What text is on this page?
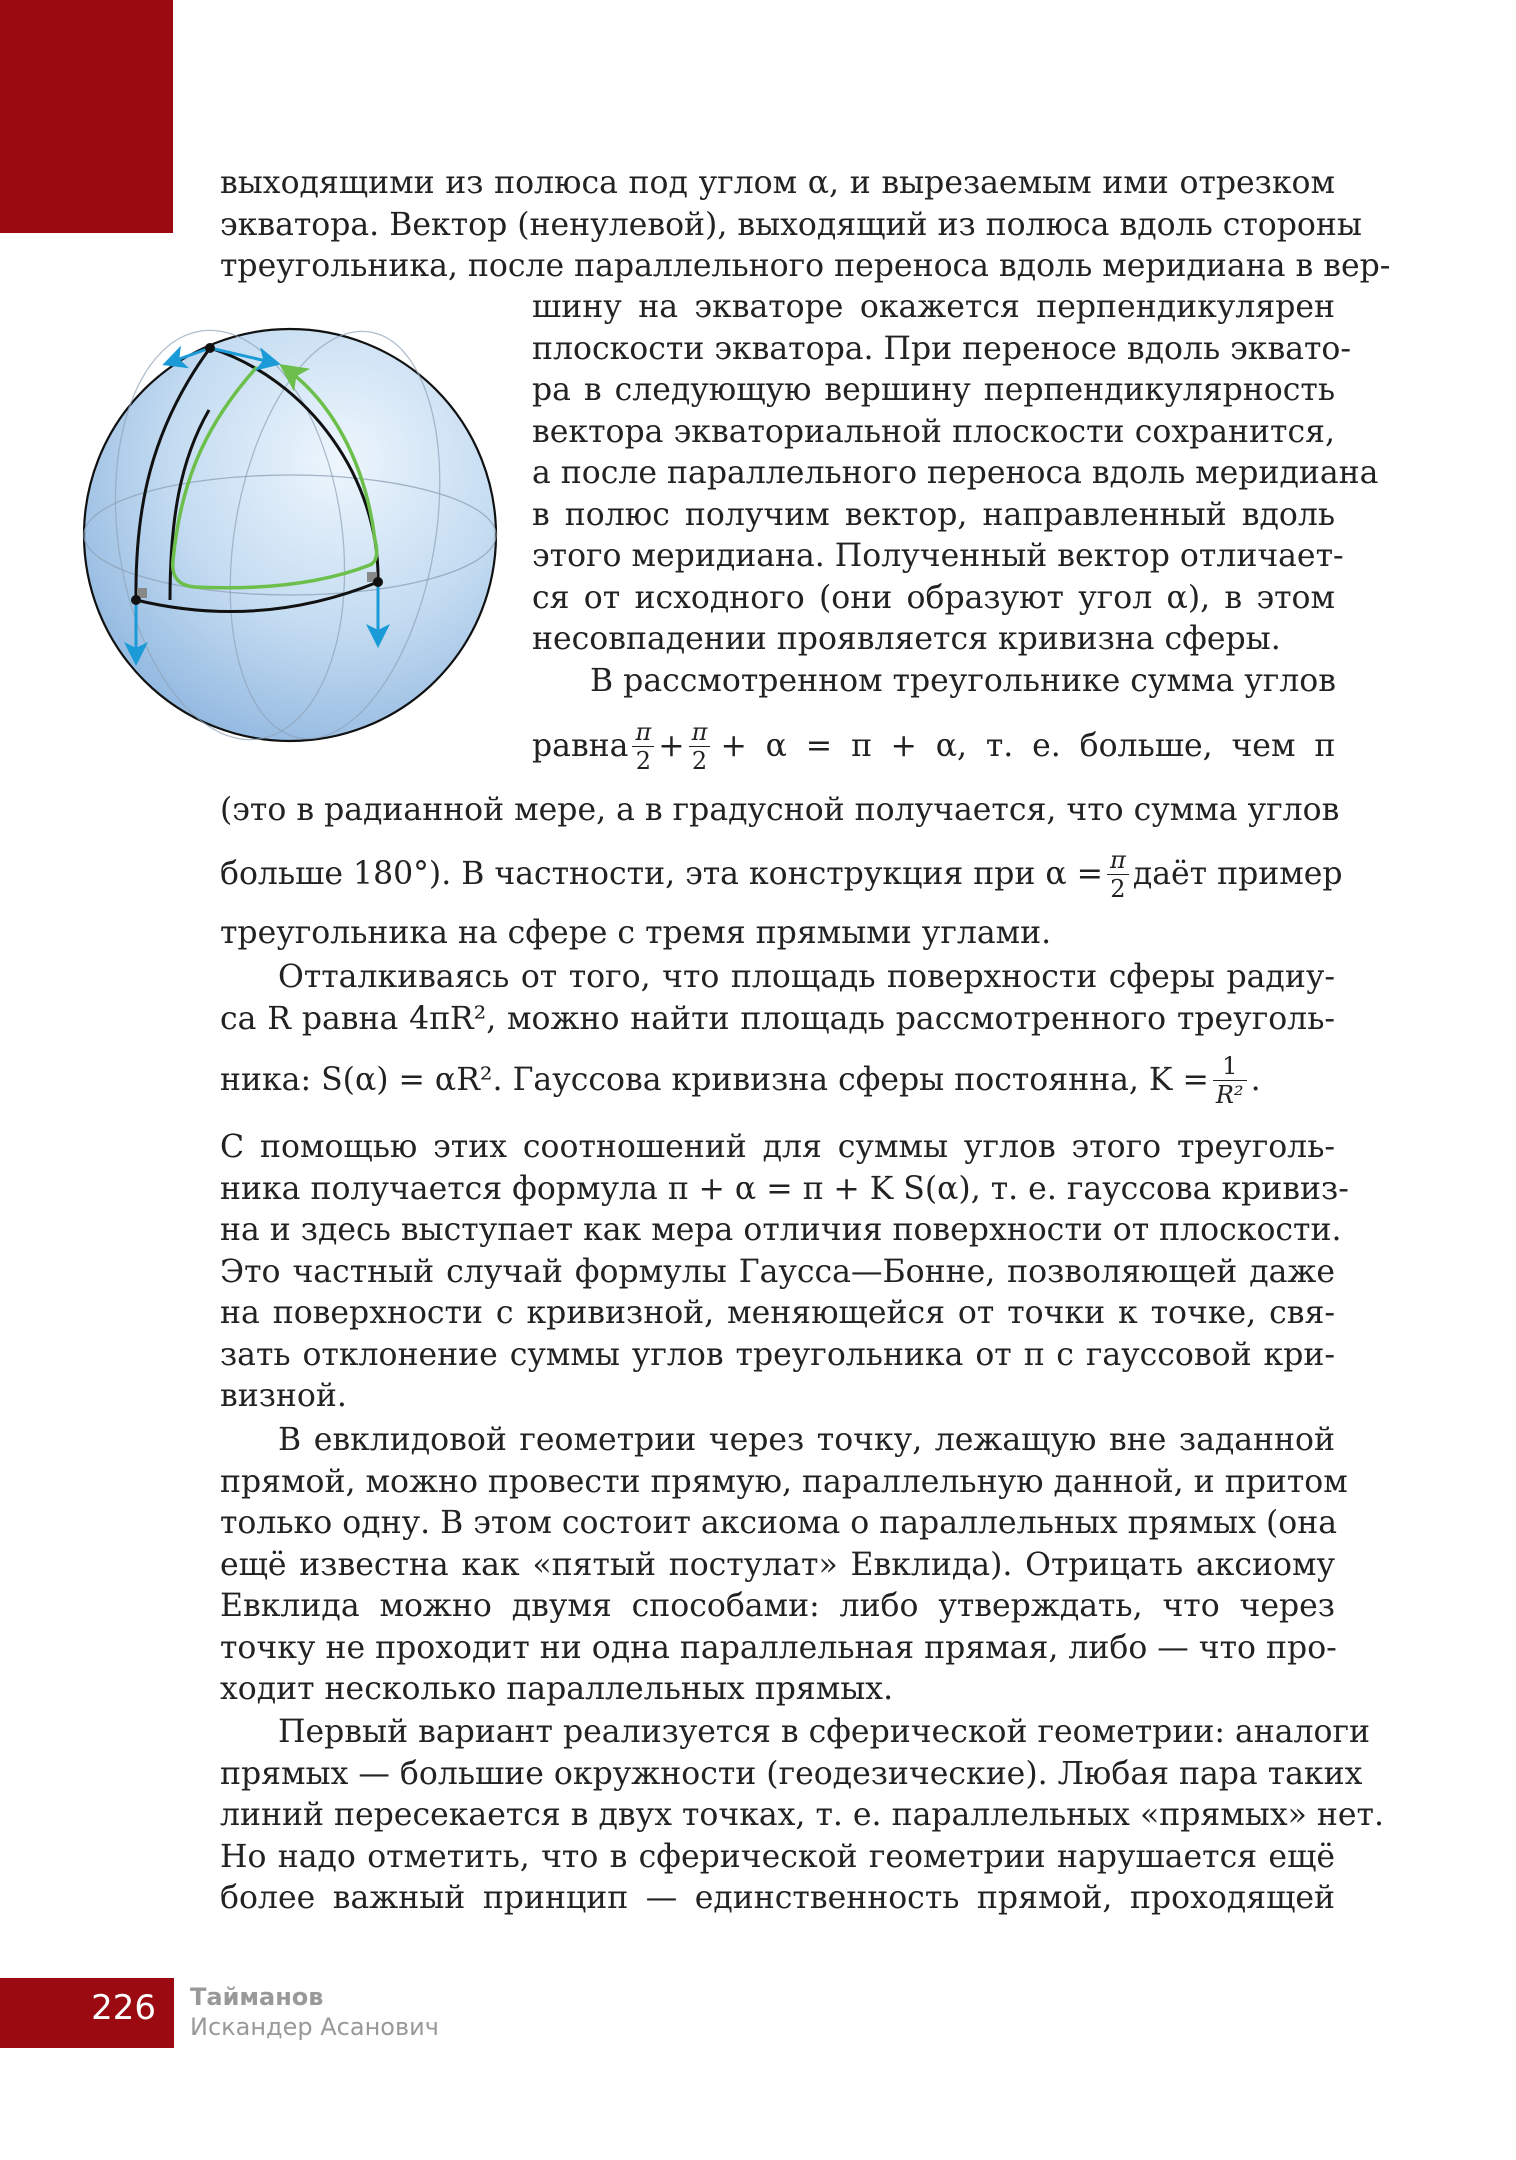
выходящими из полюса под углом α, и вырезаемым ими отрезком
экватора. Вектор (ненулевой), выходящий из полюса вдоль стороны
треугольника, после параллельного переноса вдоль меридиана в вер-
шину на экваторе окажется перпендикулярен
плоскости экватора. При переносе вдоль эквато-
ра в следующую вершину перпендикулярность
вектора экваториальной плоскости сохранится,
а после параллельного переноса вдоль меридиана
в полюс получим вектор, направленный вдоль
этого меридиана. Полученный вектор отличает-
ся от исходного (они образуют угол α), в этом
несовпадении проявляется кривизна сферы.
В рассмотренном треугольнике сумма углов
равна $\frac{\pi}{2} + \frac{\pi}{2} + \alpha = \pi + \alpha$, т. е. больше, чем π
(это в радианной мере, а в градусной получается, что сумма углов
больше 180°). В частности, эта конструкция при $\alpha = \frac{\pi}{2}$ даёт пример
треугольника на сфере с тремя прямыми углами.
Отталкиваясь от того, что площадь поверхности сферы радиу-
са R равна 4πR², можно найти площадь рассмотренного треуголь-
ника: S(α) = αR². Гауссова кривизна сферы постоянна, $K = \frac{1}{\text{R²}}$ .
С помощью этих соотношений для суммы углов этого треуголь-
ника получается формула π + α = π + K S(α), т. е. гауссова кривиз-
на и здесь выступает как мера отличия поверхности от плоскости.
Это частный случай формулы Гаусса—Бонне, позволяющей даже
на поверхности с кривизной, меняющейся от точки к точке, свя-
зать отклонение суммы углов треугольника от π с гауссовой кри-
визной.
В евклидовой геометрии через точку, лежащую вне заданной
прямой, можно провести прямую, параллельную данной, и притом
только одну. В этом состоит аксиома о параллельных прямых (она
ещё известна как «пятый постулат» Евклида). Отрицать аксиому
Евклида можно двумя способами: либо утверждать, что через
точку не проходит ни одна параллельная прямая, либо — что про-
ходит несколько параллельных прямых.
Первый вариант реализуется в сферической геометрии: аналоги
прямых — большие окружности (геодезические). Любая пара таких
линий пересекается в двух точках, т. е. параллельных «прямых» нет.
Но надо отметить, что в сферической геометрии нарушается ещё
более важный принцип — единственность прямой, проходящей
226 Тайманов
Искандер Асанович
